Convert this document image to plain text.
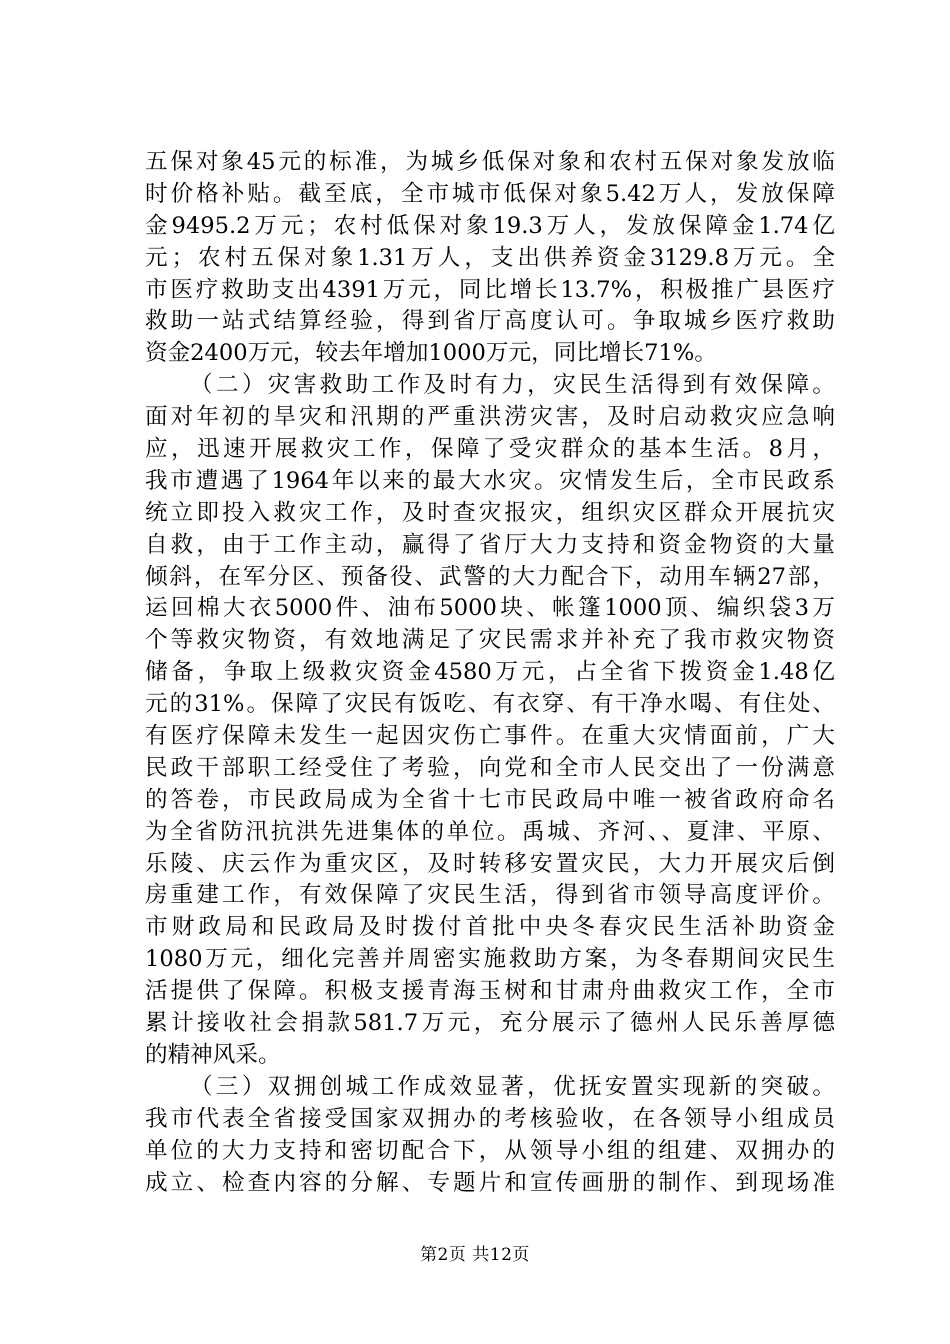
五保对象45元的标准，为城乡低保对象和农村五保对象发放临
时价格补贴。截至底，全市城市低保对象5.42万人，发放保障
金9495.2万元；农村低保对象19.3万人，发放保障金1.74亿
元；农村五保对象1.31万人，支出供养资金3129.8万元。全
市医疗救助支出4391万元，同比增长13.7%，积极推广县医疗
救助一站式结算经验，得到省厅高度认可。争取城乡医疗救助
资金2400万元，较去年增加1000万元，同比增长71%。
（二）灾害救助工作及时有力，灾民生活得到有效保障。
面对年初的旱灾和汛期的严重洪涝灾害，及时启动救灾应急响
应，迅速开展救灾工作，保障了受灾群众的基本生活。8月，
我市遭遇了1964年以来的最大水灾。灾情发生后，全市民政系
统立即投入救灾工作，及时查灾报灾，组织灾区群众开展抗灾
自救，由于工作主动，赢得了省厅大力支持和资金物资的大量
倾斜，在军分区、预备役、武警的大力配合下，动用车辆27部，
运回棉大衣5000件、油布5000块、帐篷1000顶、编织袋3万
个等救灾物资，有效地满足了灾民需求并补充了我市救灾物资
储备，争取上级救灾资金4580万元，占全省下拨资金1.48亿
元的31%。保障了灾民有饭吃、有衣穿、有干净水喝、有住处、
有医疗保障未发生一起因灾伤亡事件。在重大灾情面前，广大
民政干部职工经受住了考验，向党和全市人民交出了一份满意
的答卷，市民政局成为全省十七市民政局中唯一被省政府命名
为全省防汛抗洪先进集体的单位。禹城、齐河、、夏津、平原、
乐陵、庆云作为重灾区，及时转移安置灾民，大力开展灾后倒
房重建工作，有效保障了灾民生活，得到省市领导高度评价。
市财政局和民政局及时拨付首批中央冬春灾民生活补助资金
1080万元，细化完善并周密实施救助方案，为冬春期间灾民生
活提供了保障。积极支援青海玉树和甘肃舟曲救灾工作，全市
累计接收社会捐款581.7万元，充分展示了德州人民乐善厚德
的精神风采。
（三）双拥创城工作成效显著，优抚安置实现新的突破。
我市代表全省接受国家双拥办的考核验收，在各领导小组成员
单位的大力支持和密切配合下，从领导小组的组建、双拥办的
成立、检查内容的分解、专题片和宣传画册的制作、到现场准
第2页 共12页
